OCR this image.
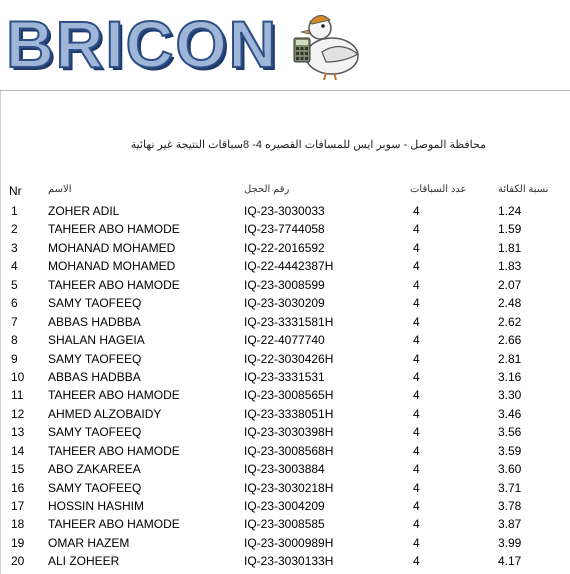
BRICON
محافظة الموصل - سوبر ايس للمسافات القصيره 4- 8سباقات النتيجة غير نهائية
Nr	الاسم	رقم الحجل	عدد السباقات	نسبة الكفائة
1	ZOHER ADIL	IQ-23-3030033	4	1.24
2	TAHEER ABO HAMODE	IQ-23-7744058	4	1.59
3	MOHANAD MOHAMED	IQ-22-2016592	4	1.81
4	MOHANAD MOHAMED	IQ-22-4442387H	4	1.83
5	TAHEER ABO HAMODE	IQ-23-3008599	4	2.07
6	SAMY TAOFEEQ	IQ-23-3030209	4	2.48
7	ABBAS HADBBA	IQ-23-3331581H	4	2.62
8	SHALAN HAGEIA	IQ-22-4077740	4	2.66
9	SAMY TAOFEEQ	IQ-22-3030426H	4	2.81
10 ABBAS HADBBA	IQ-23-3331531	4	3.16
11 TAHEER ABO HAMODE	IQ-23-3008565H	4	3.30
12 AHMED ALZOBAIDY	IQ-23-3338051H	4	3.46
13 SAMY TAOFEEQ	IQ-23-3030398H	4	3.56
14 TAHEER ABO HAMODE	IQ-23-3008568H	4	3.59
15 ABO ZAKAREEA	IQ-23-3003884	4	3.60
16 SAMY TAOFEEQ	IQ-23-3030218H	4	3.71
17 HOSSIN HASHIM	IQ-23-3004209	4	3.78
18 TAHEER ABO HAMODE	IQ-23-3008585	4	3.87
19 OMAR HAZEM	IQ-23-3000989H	4	3.99
20 ALI ZOHEER	IQ-23-3030133H	4	4.17
